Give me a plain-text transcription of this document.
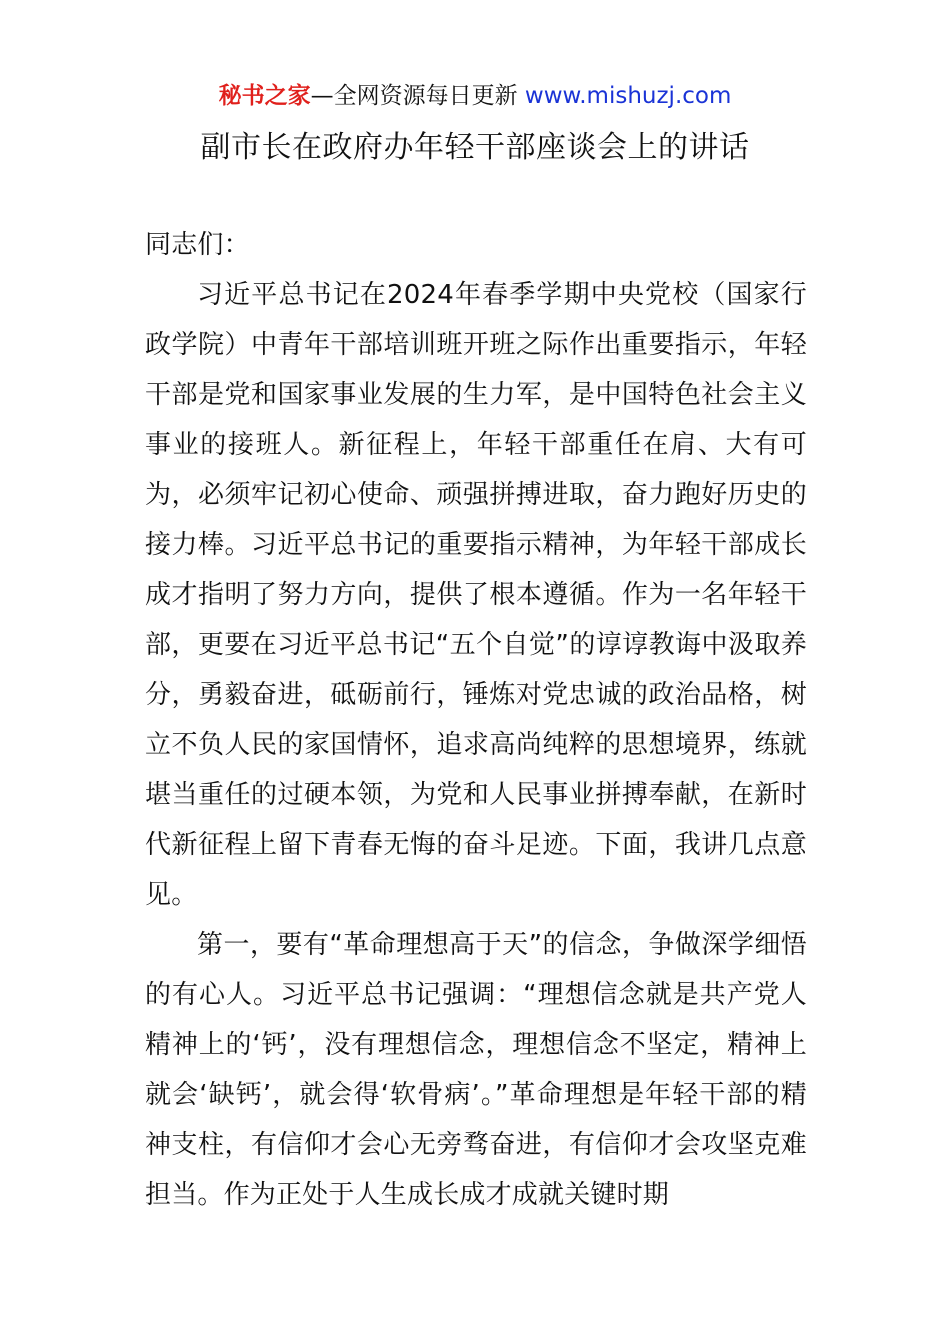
秘书之家—全网资源每日更新 www.mishuzj.com
副市长在政府办年轻干部座谈会上的讲话

同志们：

习近平总书记在2024年春季学期中央党校（国家行政学院）中青年干部培训班开班之际作出重要指示，年轻干部是党和国家事业发展的生力军，是中国特色社会主义事业的接班人。新征程上，年轻干部重任在肩、大有可为，必须牢记初心使命、顽强拼搏进取，奋力跑好历史的接力棒。习近平总书记的重要指示精神，为年轻干部成长成才指明了努力方向，提供了根本遵循。作为一名年轻干部，更要在习近平总书记“五个自觉”的谆谆教诲中汲取养分，勇毅奋进，砥砺前行，锤炼对党忠诚的政治品格，树立不负人民的家国情怀，追求高尚纯粹的思想境界，练就堪当重任的过硬本领，为党和人民事业拼搏奉献，在新时代新征程上留下青春无悔的奋斗足迹。下面，我讲几点意见。

第一，要有“革命理想高于天”的信念，争做深学细悟的有心人。习近平总书记强调：“理想信念就是共产党人精神上的‘钙’，没有理想信念，理想信念不坚定，精神上就会‘缺钙’，就会得‘软骨病’。”革命理想是年轻干部的精神支柱，有信仰才会心无旁骛奋进，有信仰才会攻坚克难担当。作为正处于人生成长成才成就关键时期
